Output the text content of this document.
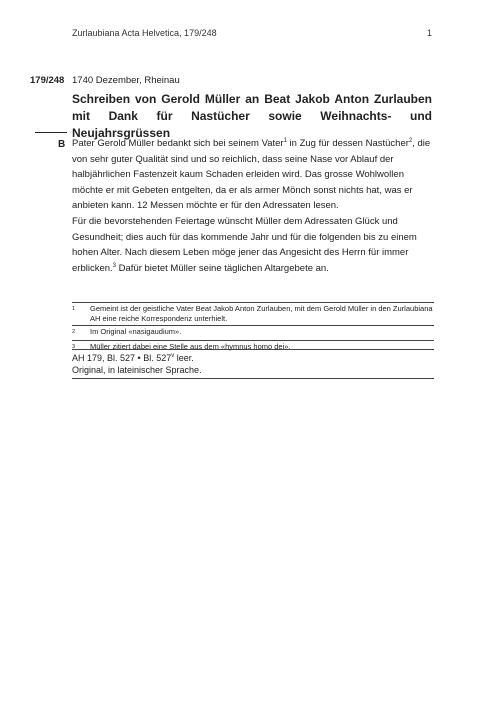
Zurlaubiana Acta Helvetica, 179/248	1
179/248 1740 Dezember, Rheinau
Schreiben von Gerold Müller an Beat Jakob Anton Zurlauben mit Dank für Nastücher sowie Weihnachts- und Neujahrsgrüssen
B Pater Gerold Müller bedankt sich bei seinem Vater$^1$ in Zug für dessen Nastücher$^2$, die von sehr guter Qualität sind und so reichlich, dass seine Nase vor Ablauf der halbjährlichen Fastenzeit kaum Schaden erleiden wird. Das grosse Wohlwollen möchte er mit Gebeten entgelten, da er als armer Mönch sonst nichts hat, was er anbieten kann. 12 Messen möchte er für den Adressaten lesen.

Für die bevorstehenden Feiertage wünscht Müller dem Adressaten Glück und Gesundheit; dies auch für das kommende Jahr und für die folgenden bis zu einem hohen Alter. Nach diesem Leben möge jener das Angesicht des Herrn für immer erblicken.$^3$ Dafür bietet Müller seine täglichen Altargebete an.

1	Gemeint ist der geistliche Vater Beat Jakob Anton Zurlauben, mit dem Gerold Müller in den Zurlaubiana AH eine reiche Korrespondenz unterhielt.
2	Im Original «nasigaudium».
3	Müller zitiert dabei eine Stelle aus dem «hymnus homo dei».
AH 179, Bl. 527 • Bl. 527$^v$ leer.
Original, in lateinischer Sprache.
